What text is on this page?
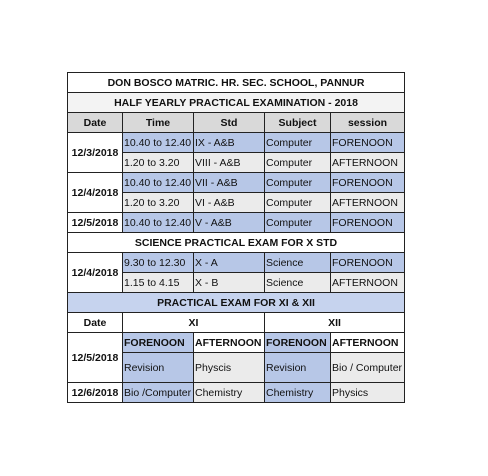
DON BOSCO MATRIC. HR. SEC. SCHOOL, PANNUR				
HALF YEARLY PRACTICAL EXAMINATION - 2018				
Date	Time	Std	Subject	session
12/3/2018	10.40 to 12.40	IX - A&B	Computer	FORENOON
	1.20 to 3.20	VIII - A&B	Computer	AFTERNOON
12/4/2018	10.40 to 12.40	VII - A&B	Computer	FORENOON
	1.20 to 3.20	VI - A&B	Computer	AFTERNOON
12/5/2018	10.40 to 12.40	V - A&B	Computer	FORENOON
SCIENCE PRACTICAL EXAM FOR X STD				
12/4/2018	9.30 to 12.30	X - A	Science	FORENOON
	1.15 to 4.15	X - B	Science	AFTERNOON
PRACTICAL EXAM FOR XI & XII				
Date	XI		XII	
12/5/2018	FORENOON	AFTERNOON	FORENOON	AFTERNOON
	Revision	Physcis	Revision	Bio / Computer
12/6/2018	Bio /Computer	Chemistry	Chemistry	Physics
